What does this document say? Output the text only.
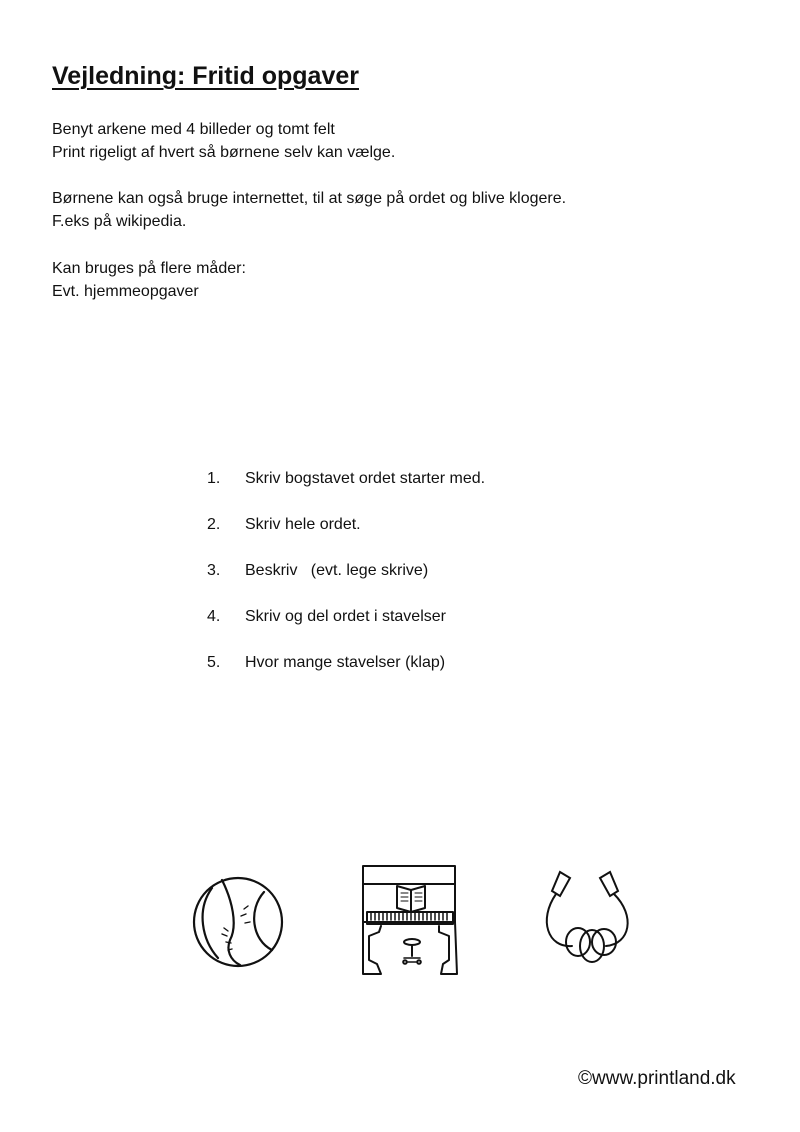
Vejledning: Fritid opgaver
Benyt arkene med 4 billeder og tomt felt
Print rigeligt af hvert så børnene selv kan vælge.
Børnene kan også bruge internettet, til at søge på ordet og blive klogere.
F.eks på wikipedia.
Kan bruges på flere måder:
Evt. hjemmeopgaver
1.	Skriv bogstavet ordet starter med.
2.	Skriv hele ordet.
3.	Beskriv   (evt. lege skrive)
4.	Skriv og del ordet i stavelser
5.	Hvor mange stavelser (klap)
©www.printland.dk
